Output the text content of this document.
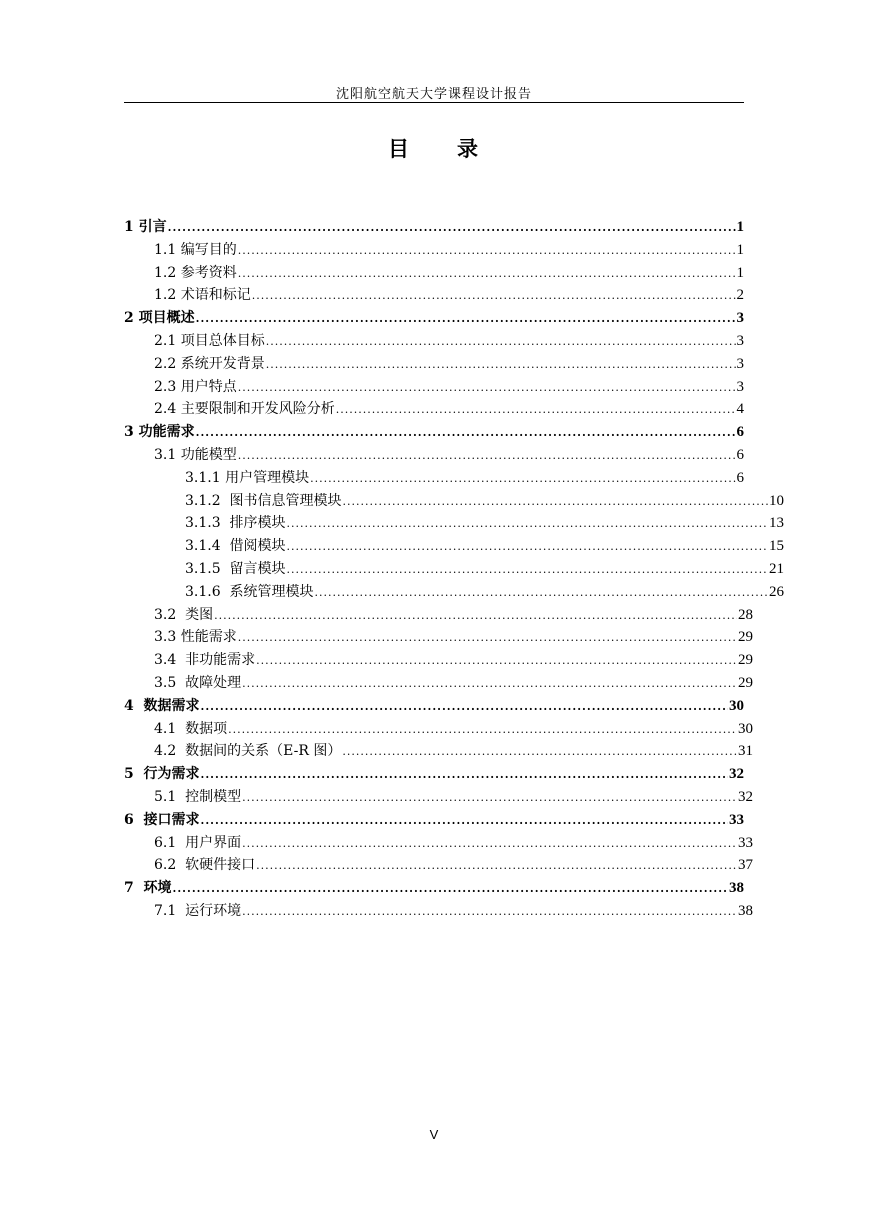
沈阳航空航天大学课程设计报告
目　　录
1 引言 .....	1
1.1 编写目的 .....	1
1.2 参考资料 .....	1
1.2 术语和标记 .....	2
2 项目概述 .....	3
2.1 项目总体目标 .....	3
2.2 系统开发背景 .....	3
2.3 用户特点 .....	3
2.4 主要限制和开发风险分析 .....	4
3 功能需求 .....	6
3.1 功能模型 .....	6
3.1.1 用户管理模块 .....	6
3.1.2  图书信息管理模块 .....	10
3.1.3  排序模块 .....	13
3.1.4  借阅模块 .....	15
3.1.5  留言模块 .....	21
3.1.6  系统管理模块 .....	26
3.2  类图 .....	28
3.3 性能需求 .....	29
3.4  非功能需求 .....	29
3.5  故障处理 .....	29
4  数据需求 .....	30
4.1  数据项 .....	30
4.2  数据间的关系（E-R 图） .....	31
5  行为需求 .....	32
5.1  控制模型 .....	32
6  接口需求 .....	33
6.1  用户界面 .....	33
6.2  软硬件接口 .....	37
7  环境 .....	38
7.1  运行环境 .....	38
V
